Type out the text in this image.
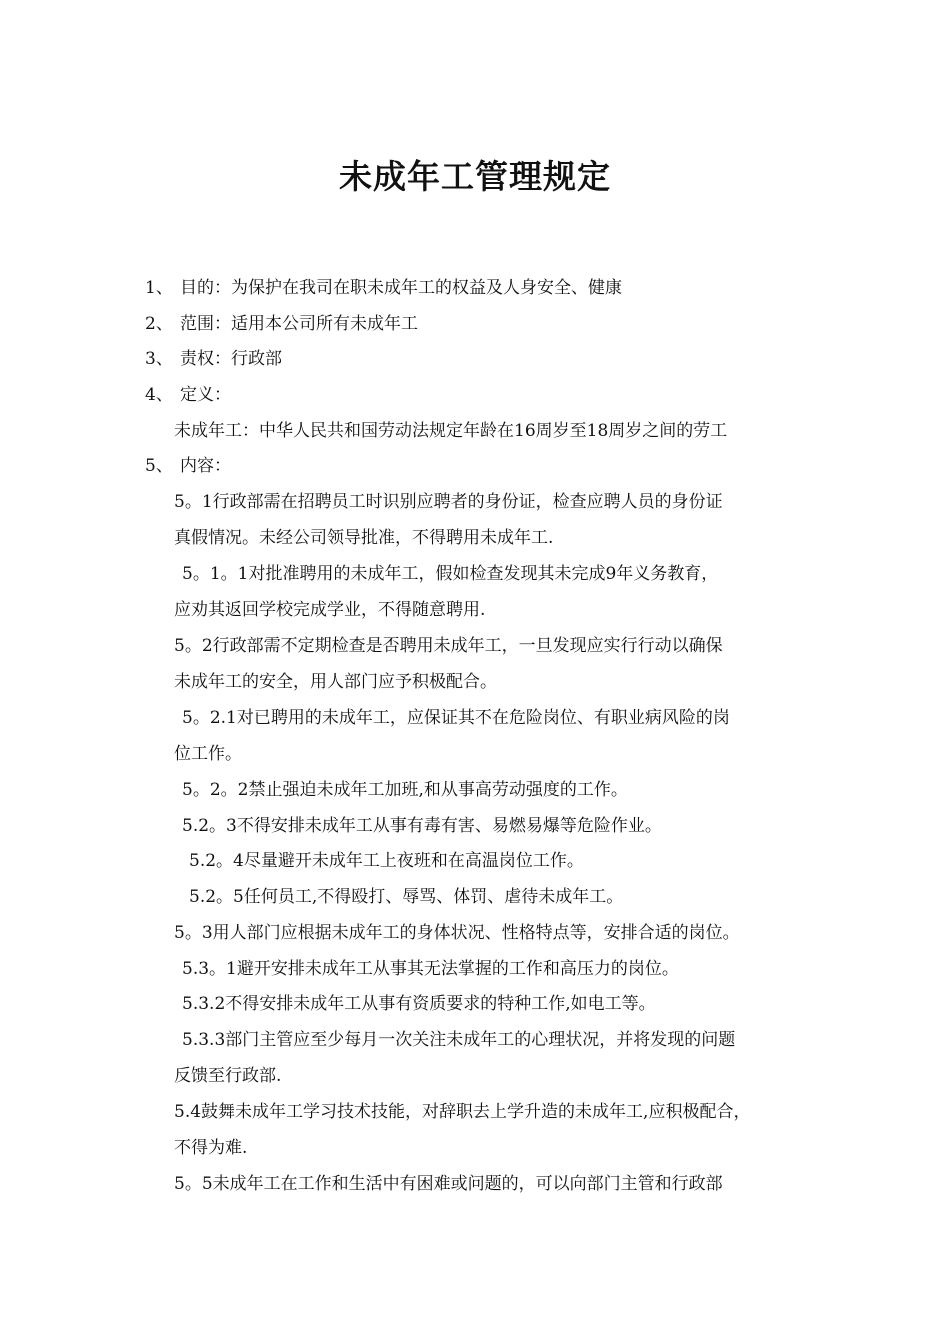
未成年工管理规定
1、 目的：为保护在我司在职未成年工的权益及人身安全、健康
2、 范围：适用本公司所有未成年工
3、 责权：行政部
4、 定义：
未成年工：中华人民共和国劳动法规定年龄在16周岁至18周岁之间的劳工
5、 内容：
5。1行政部需在招聘员工时识别应聘者的身份证，检查应聘人员的身份证
真假情况。未经公司领导批准，不得聘用未成年工.
5。1。1对批准聘用的未成年工，假如检查发现其未完成9年义务教育，
应劝其返回学校完成学业，不得随意聘用.
5。2行政部需不定期检查是否聘用未成年工，一旦发现应实行行动以确保
未成年工的安全，用人部门应予积极配合。
5。2.1对已聘用的未成年工，应保证其不在危险岗位、有职业病风险的岗
位工作。
5。2。2禁止强迫未成年工加班,和从事高劳动强度的工作。
5.2。3不得安排未成年工从事有毒有害、易燃易爆等危险作业。
5.2。4尽量避开未成年工上夜班和在高温岗位工作。
5.2。5任何员工,不得殴打、辱骂、体罚、虐待未成年工。
5。3用人部门应根据未成年工的身体状况、性格特点等，安排合适的岗位。
5.3。1避开安排未成年工从事其无法掌握的工作和高压力的岗位。
5.3.2不得安排未成年工从事有资质要求的特种工作,如电工等。
5.3.3部门主管应至少每月一次关注未成年工的心理状况，并将发现的问题
反馈至行政部.
5.4鼓舞未成年工学习技术技能，对辞职去上学升造的未成年工,应积极配合，
不得为难.
5。5未成年工在工作和生活中有困难或问题的，可以向部门主管和行政部
